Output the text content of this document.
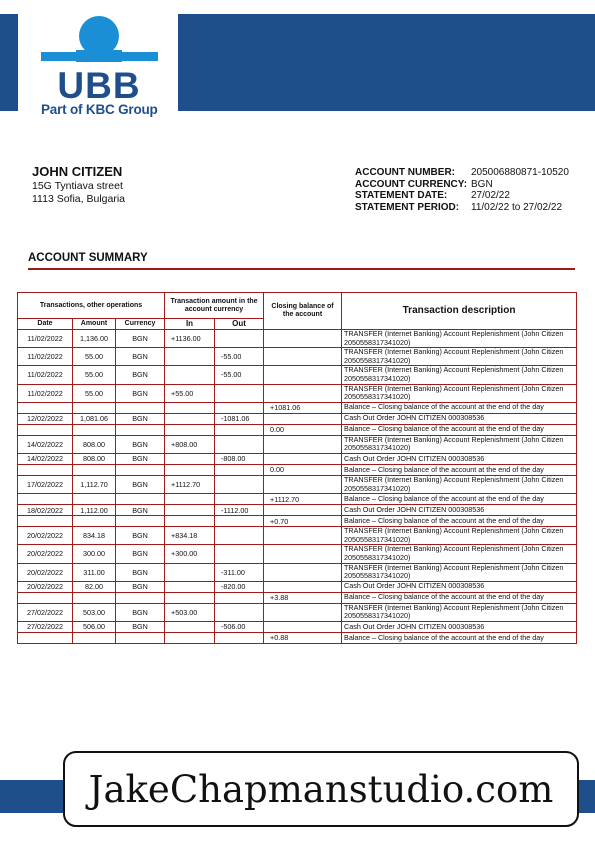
UBB
Part of KBC Group
JOHN CITIZEN
15G Tyntiava street
1113 Sofia, Bulgaria
ACCOUNT NUMBER:	205006880871-10520
ACCOUNT CURRENCY: BGN
STATEMENT DATE:	27/02/22
STATEMENT PERIOD:	11/02/22 to 27/02/22
ACCOUNT SUMMARY
Transactions, other operations			Transaction amount in the account currency		Closing balance of the account	Transaction description
Date	Amount	Currency	In	Out		
11/02/2022	1,136.00	BGN	+1136.00			TRANSFER (Internet Banking) Account Replenishment (John Citizen 2050558317341020)
11/02/2022	55.00	BGN		-55.00		TRANSFER (Internet Banking) Account Replenishment (John Citizen 2050558317341020)
11/02/2022	55.00	BGN		-55.00		TRANSFER (Internet Banking) Account Replenishment (John Citizen 2050558317341020)
11/02/2022	55.00	BGN	+55.00			TRANSFER (Internet Banking) Account Replenishment (John Citizen 2050558317341020)
					+1081.06	Balance – Closing balance of the account at the end of the day
12/02/2022	1,081.06	BGN		-1081.06		Cash Out Order JOHN CITIZEN 000308536
					0.00	Balance – Closing balance of the account at the end of the day
14/02/2022	808.00	BGN	+808.00			TRANSFER (Internet Banking) Account Replenishment (John Citizen 2050558317341020)
14/02/2022	808.00	BGN		-808.00		Cash Out Order JOHN CITIZEN 000308536
					0.00	Balance – Closing balance of the account at the end of the day
17/02/2022	1,112.70	BGN	+1112.70			TRANSFER (Internet Banking) Account Replenishment (John Citizen 2050558317341020)
					+1112.70	Balance – Closing balance of the account at the end of the day
18/02/2022	1,112.00	BGN		-1112.00		Cash Out Order JOHN CITIZEN 000308536
					+0.70	Balance – Closing balance of the account at the end of the day
20/02/2022	834.18	BGN	+834.18			TRANSFER (Internet Banking) Account Replenishment (John Citizen 2050558317341020)
20/02/2022	300.00	BGN	+300.00			TRANSFER (Internet Banking) Account Replenishment (John Citizen 2050558317341020)
20/02/2022	311.00	BGN		-311.00		TRANSFER (Internet Banking) Account Replenishment (John Citizen 2050558317341020)
20/02/2022	82.00	BGN		-820.00		Cash Out Order JOHN CITIZEN 000308536
					+3.88	Balance – Closing balance of the account at the end of the day
27/02/2022	503.00	BGN	+503.00			TRANSFER (Internet Banking) Account Replenishment (John Citizen 2050558317341020)
27/02/2022	506.00	BGN		-506.00		Cash Out Order JOHN CITIZEN 000308536
					+0.88	Balance – Closing balance of the account at the end of the day
JakeChapmanstudio.com
